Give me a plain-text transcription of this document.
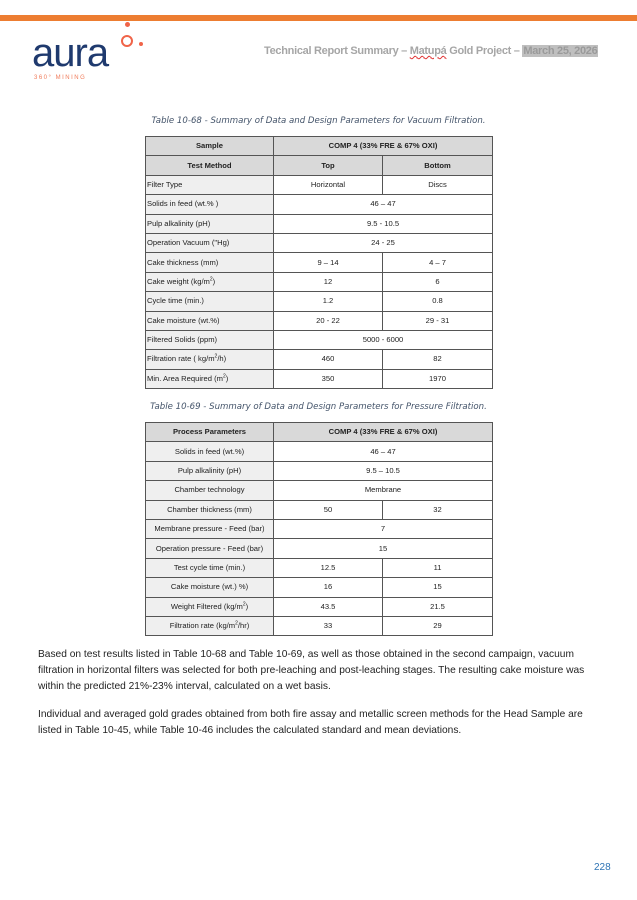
aura
360° MINING
Technical Report Summary – Matupá Gold Project – March 25, 2026
Table 10-68 - Summary of Data and Design Parameters for Vacuum Filtration.
Sample	COMP 4 (33% FRE & 67% OXI)	
Test Method	Top	Bottom
Filter Type	Horizontal	Discs
Solids in feed (wt.% )	46 – 47	
Pulp alkalinity (pH)	9.5 - 10.5	
Operation Vacuum ("Hg)	24 - 25	
Cake thickness (mm)	9 – 14	4 – 7
Cake weight $(kg/m^2)$	12	6
Cycle time (min.)	1.2	0.8
Cake moisture (wt.%)	20 - 22	29 - 31
Filtered Solids (ppm)	5000 - 6000	
Filtration rate ( $kg/m^2/h$)	460	82
Min. Area Required $(m^2)$	350	1970
Table 10-69 - Summary of Data and Design Parameters for Pressure Filtration.
Process Parameters	COMP 4 (33% FRE & 67% OXI)	
Solids in feed (wt.%)	46 – 47	
Pulp alkalinity (pH)	9.5 – 10.5	
Chamber technology	Membrane	
Chamber thickness (mm)	50	32
Membrane pressure - Feed (bar)	7	
Operation pressure - Feed (bar)	15	
Test cycle time (min.)	12.5	11
Cake moisture (wt.) %)	16	15
Weight Filtered $(kg/m^2)$	43.5	21.5
Filtration rate $(kg/m^2/hr)$	33	29
Based on test results listed in Table 10-68 and Table 10-69, as well as those obtained in the second campaign, vacuum filtration in horizontal filters was selected for both pre-leaching and post-leaching stages. The resulting cake moisture was within the predicted 21%-23% interval, calculated on a wet basis.
Individual and averaged gold grades obtained from both fire assay and metallic screen methods for the Head Sample are listed in Table 10-45, while Table 10-46 includes the calculated standard and mean deviations.
228
